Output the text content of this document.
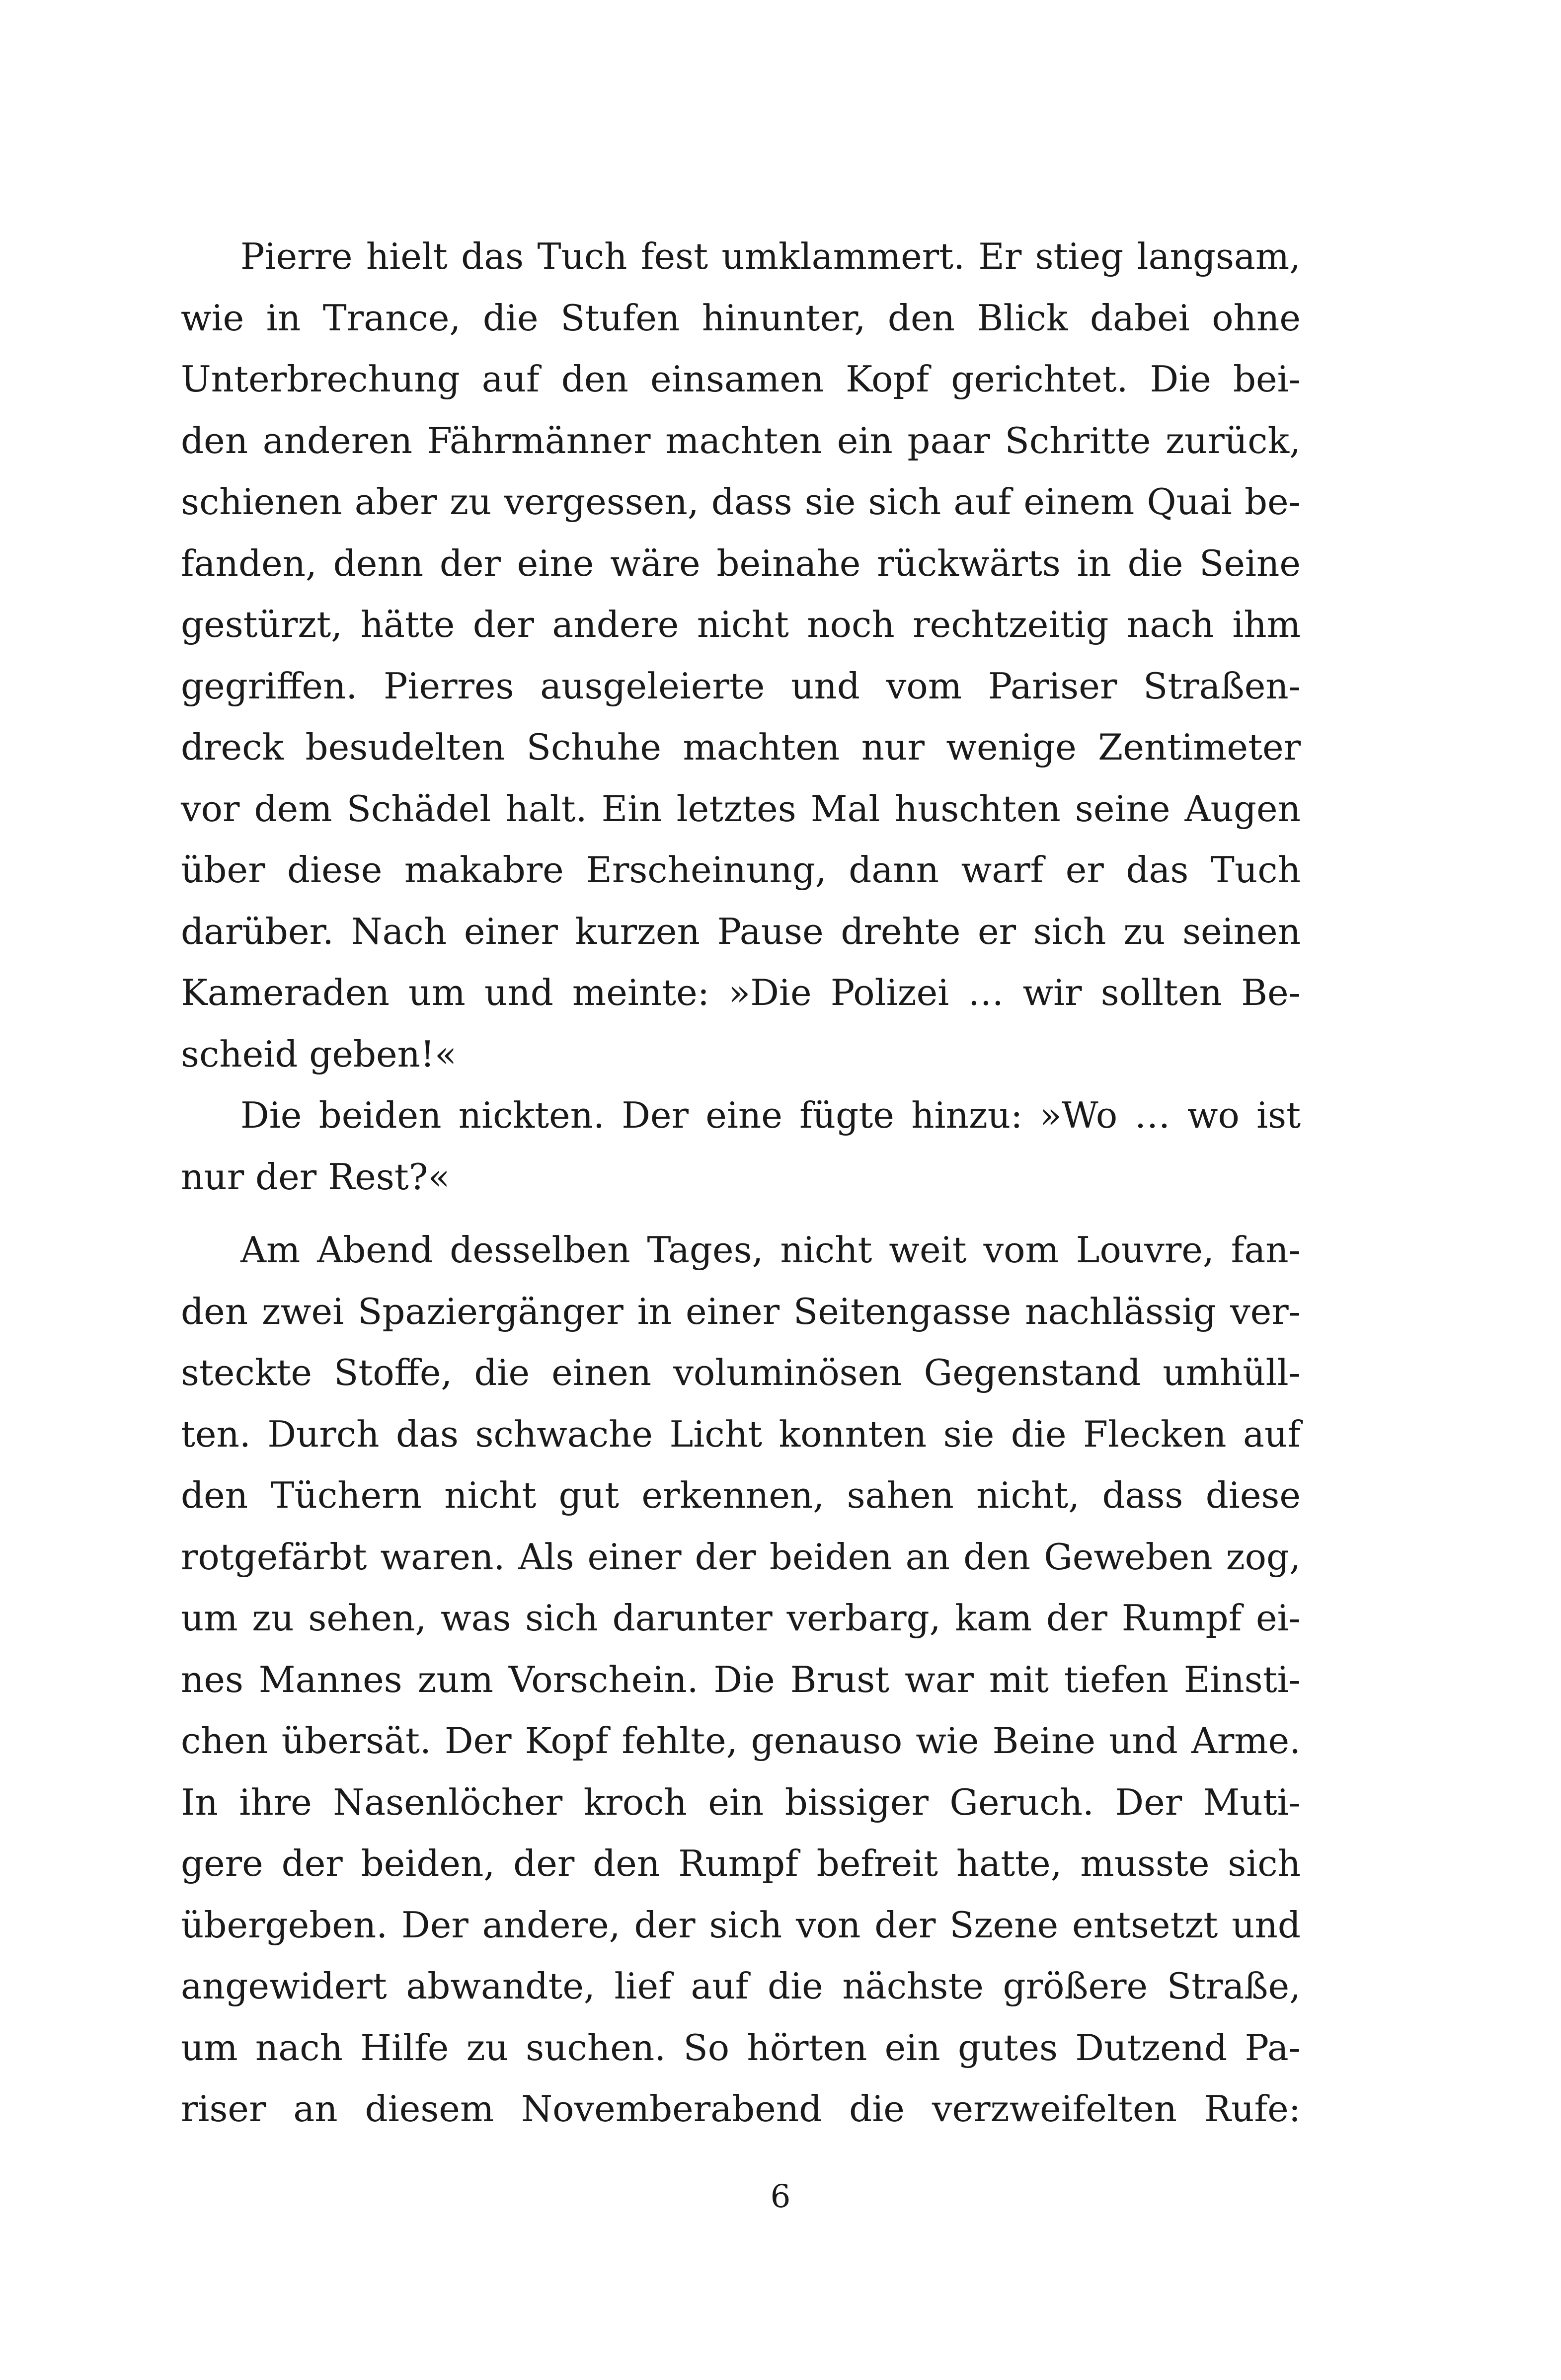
Pierre hielt das Tuch fest umklammert. Er stieg langsam,
wie in Trance, die Stufen hinunter, den Blick dabei ohne
Unterbrechung auf den einsamen Kopf gerichtet. Die bei-
den anderen Fährmänner machten ein paar Schritte zurück,
schienen aber zu vergessen, dass sie sich auf einem Quai be-
fanden, denn der eine wäre beinahe rückwärts in die Seine
gestürzt, hätte der andere nicht noch rechtzeitig nach ihm
gegriffen. Pierres ausgeleierte und vom Pariser Straßen-
dreck besudelten Schuhe machten nur wenige Zentimeter
vor dem Schädel halt. Ein letztes Mal huschten seine Augen
über diese makabre Erscheinung, dann warf er das Tuch
darüber. Nach einer kurzen Pause drehte er sich zu seinen
Kameraden um und meinte: »Die Polizei … wir sollten Be-
scheid geben!«
Die beiden nickten. Der eine fügte hinzu: »Wo … wo ist
nur der Rest?«
Am Abend desselben Tages, nicht weit vom Louvre, fan-
den zwei Spaziergänger in einer Seitengasse nachlässig ver-
steckte Stoffe, die einen voluminösen Gegenstand umhüll-
ten. Durch das schwache Licht konnten sie die Flecken auf
den Tüchern nicht gut erkennen, sahen nicht, dass diese
rotgefärbt waren. Als einer der beiden an den Geweben zog,
um zu sehen, was sich darunter verbarg, kam der Rumpf ei-
nes Mannes zum Vorschein. Die Brust war mit tiefen Einsti-
chen übersät. Der Kopf fehlte, genauso wie Beine und Arme.
In ihre Nasenlöcher kroch ein bissiger Geruch. Der Muti-
gere der beiden, der den Rumpf befreit hatte, musste sich
übergeben. Der andere, der sich von der Szene entsetzt und
angewidert abwandte, lief auf die nächste größere Straße,
um nach Hilfe zu suchen. So hörten ein gutes Dutzend Pa-
riser an diesem Novemberabend die verzweifelten Rufe:
6
